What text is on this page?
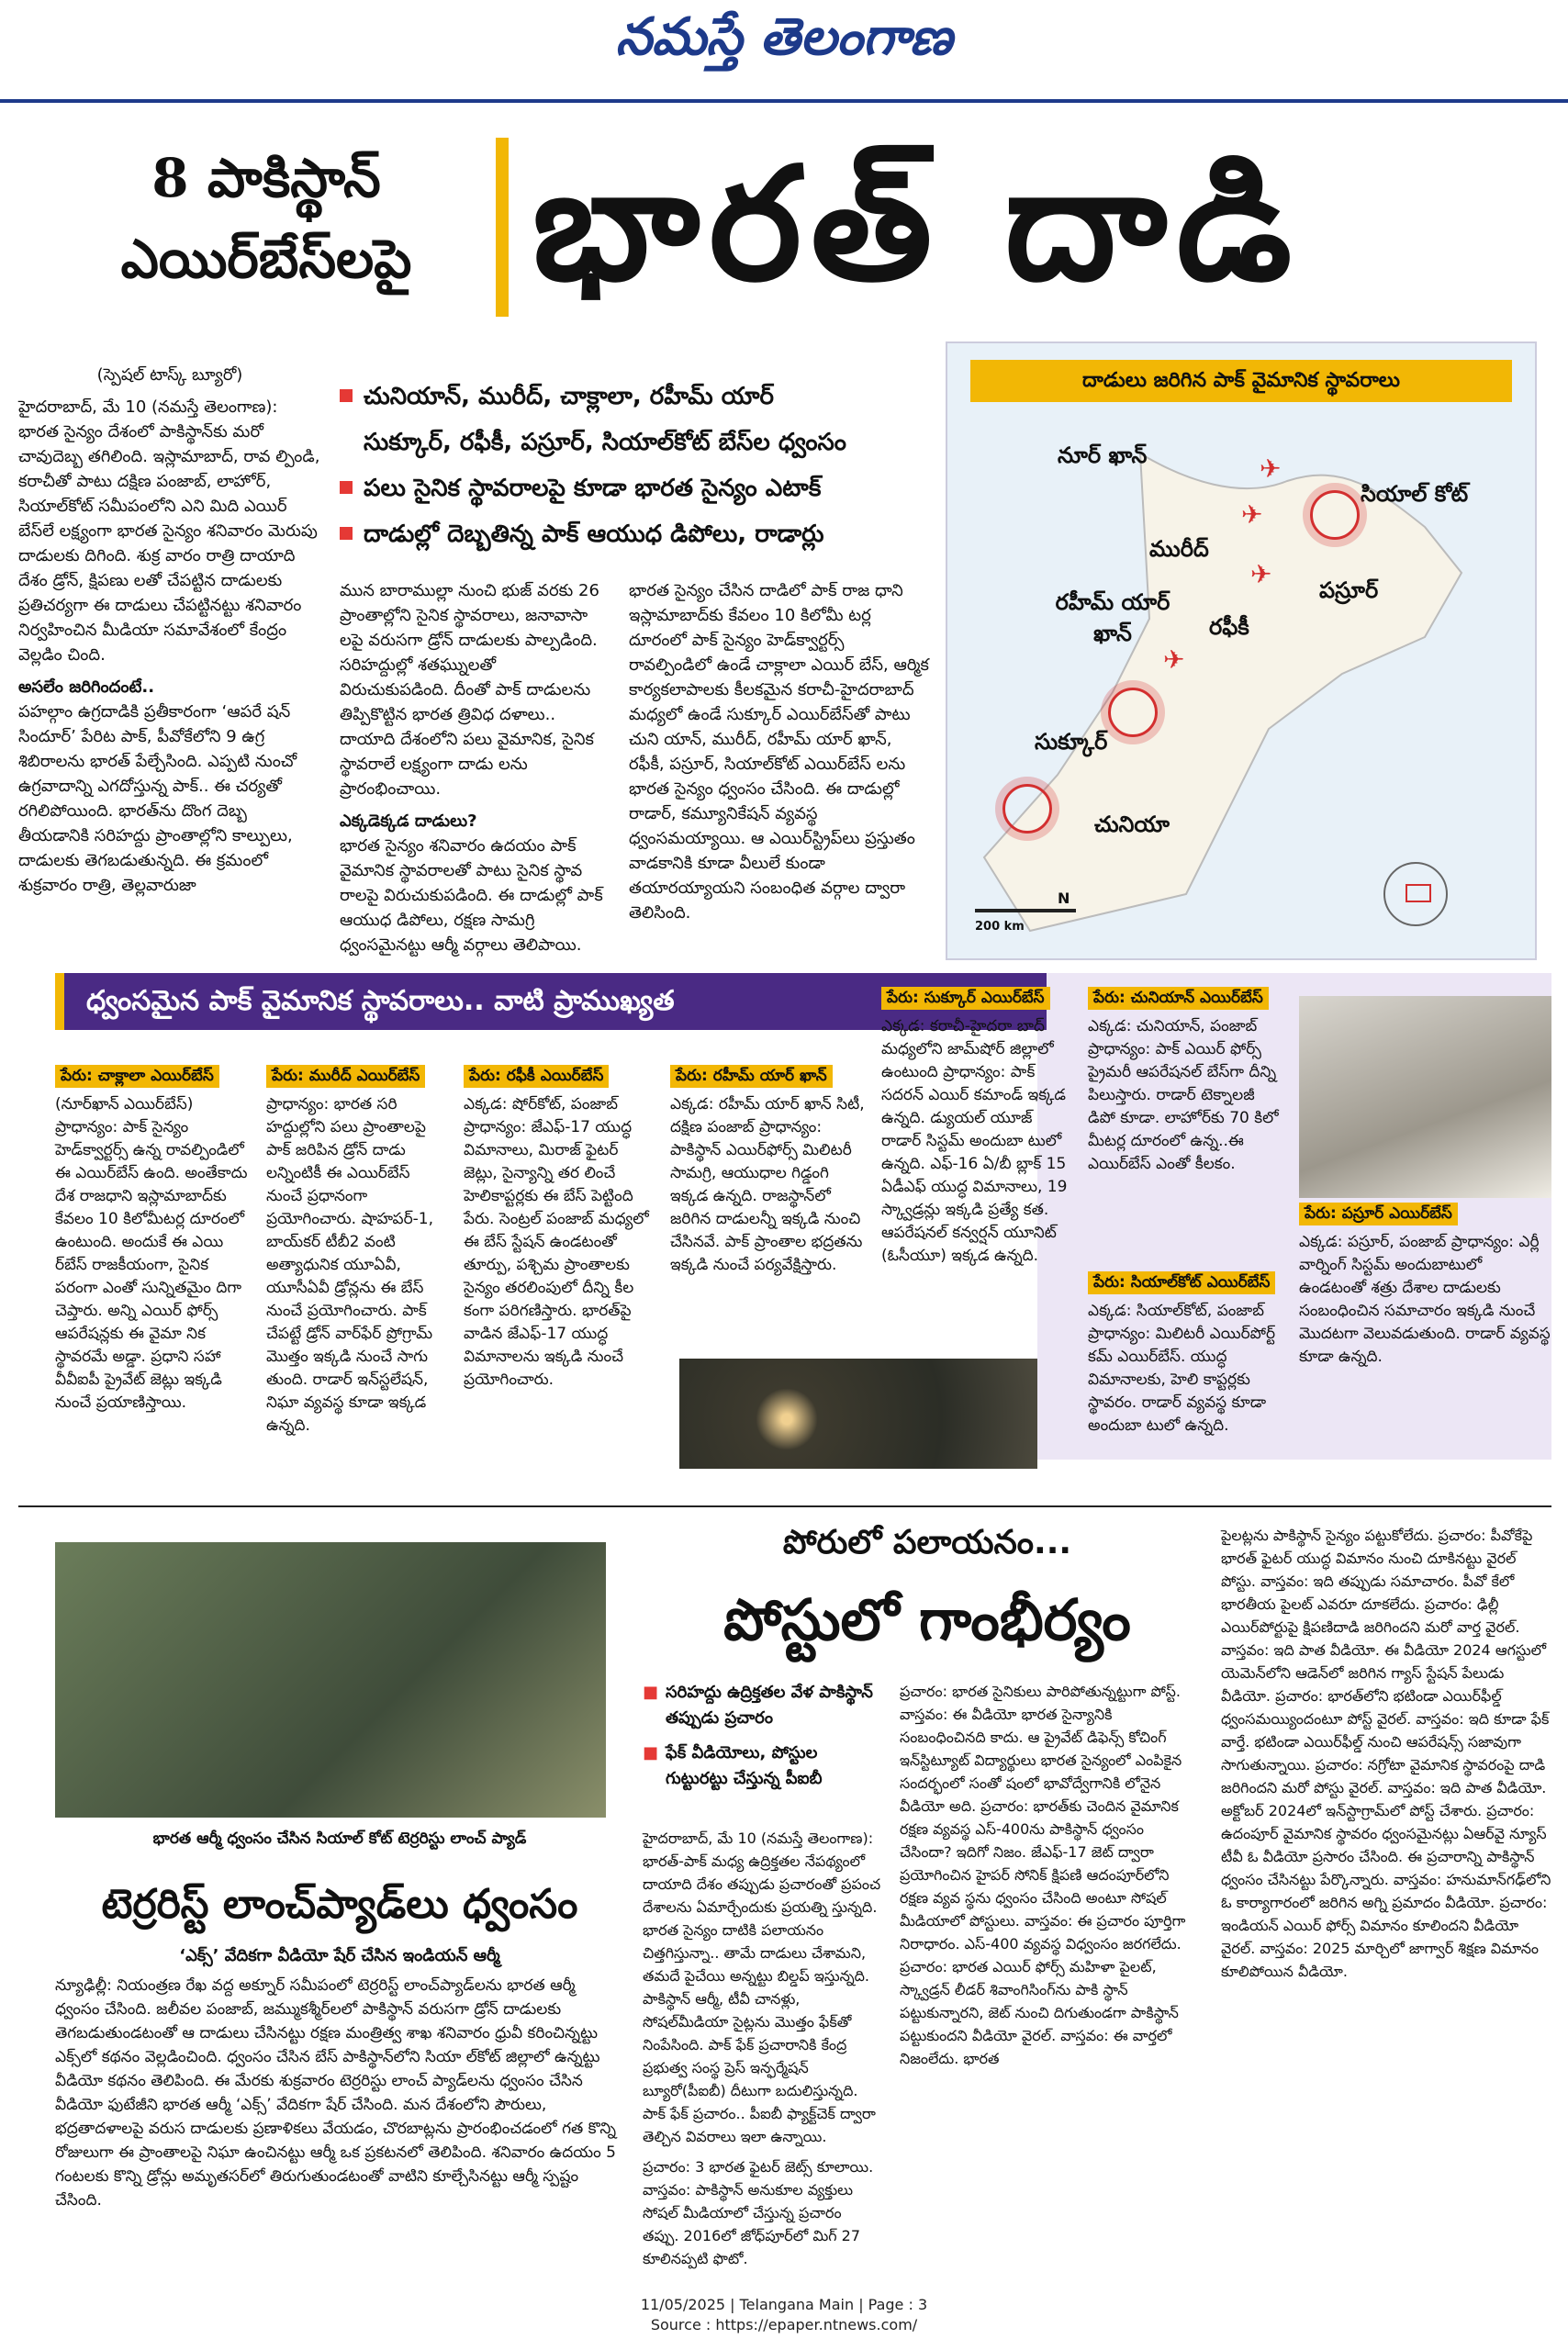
నమస్తే తెలంగాణ
8 పాకిస్థాన్
ఎయిర్‌బేస్‌లపై భారత్ దాడి

(స్పెషల్ టాస్క్ బ్యూరో)

హైదరాబాద్, మే 10 (నమస్తే తెలంగాణ): భారత సైన్యం దేశంలో పాకిస్థాన్‌కు మరో చావుదెబ్బ తగిలింది. ఇస్లామాబాద్, రావ ల్పిండి, కరాచీతో పాటు దక్షిణ పంజాబ్, లాహోర్, సియాల్‌కోట్ సమీపంలోని ఎని మిది ఎయిర్ బేస్‌లే లక్ష్యంగా భారత సైన్యం శనివారం మెరుపు దాడులకు దిగింది. శుక్ర వారం రాత్రి దాయాది దేశం డ్రోన్, క్షిపణు లతో చేపట్టిన దాడులకు ప్రతిచర్యగా ఈ దాడులు చేపట్టినట్టు శనివారం నిర్వహించిన మీడియా సమావేశంలో కేంద్రం వెల్లడిం చింది.

అసలేం జరిగిందంటే..

పహల్గాం ఉగ్రదాడికి ప్రతీకారంగా ‘ఆపరే షన్ సిందూర్’ పేరిట పాక్, పీవోకేలోని 9 ఉగ్ర శిబిరాలను భారత్ పేల్చేసింది. ఎప్పటి నుంచో ఉగ్రవాదాన్ని ఎగదోస్తున్న పాక్.. ఈ చర్యతో రగిలిపోయింది. భారత్‌ను దొంగ దెబ్బ తీయడానికి సరిహద్దు ప్రాంతాల్లోని కాల్పులు, దాడులకు తెగబడుతున్నది. ఈ క్రమంలో శుక్రవారం రాత్రి, తెల్లవారుజా

చునియాన్, మురీద్, చాక్లాలా, రహీమ్ యార్
సుక్కూర్, రఫీకీ, పస్రూర్, సియాల్‌కోట్ బేస్‌ల ధ్వంసం
పలు సైనిక స్థావరాలపై కూడా భారత సైన్యం ఎటాక్
దాడుల్లో దెబ్బతిన్న పాక్ ఆయుధ డిపోలు, రాడార్లు

మున బారాముల్లా నుంచి భుజ్ వరకు 26 ప్రాంతాల్లోని సైనిక స్థావరాలు, జనావాసా లపై వరుసగా డ్రోన్ దాడులకు పాల్పడింది. సరిహద్దుల్లో శతఘ్నులతో విరుచుకుపడింది. దీంతో పాక్ దాడులను తిప్పికొట్టిన భారత త్రివిధ దళాలు.. దాయాది దేశంలోని పలు వైమానిక, సైనిక స్థావరాలే లక్ష్యంగా దాడు లను ప్రారంభించాయి.

ఎక్కడెక్కడ దాడులు?

భారత సైన్యం శనివారం ఉదయం పాక్ వైమానిక స్థావరాలతో పాటు సైనిక స్థావ రాలపై విరుచుకుపడింది. ఈ దాడుల్లో పాక్ ఆయుధ డిపోలు, రక్షణ సామగ్రి ధ్వంసమైనట్టు ఆర్మీ వర్గాలు తెలిపాయి.

భారత సైన్యం చేసిన దాడిలో పాక్ రాజ ధాని ఇస్లామాబాద్‌కు కేవలం 10 కిలోమీ టర్ల దూరంలో పాక్ సైన్యం హెడ్‌క్వార్టర్స్ రావల్పిండిలో ఉండే చాక్లాలా ఎయిర్ బేస్, ఆర్మిక కార్యకలాపాలకు కీలకమైన కరాచీ-హైదరాబాద్ మధ్యలో ఉండే సుక్కూర్ ఎయిర్‌బేస్‌తో పాటు చుని యాన్, మురీద్, రహీమ్ యార్ ఖాన్, రఫీకీ, పస్రూర్, సియాల్‌కోట్ ఎయిర్‌బేస్ లను భారత సైన్యం ధ్వంసం చేసింది. ఈ దాడుల్లో రాడార్, కమ్యూనికేషన్ వ్యవస్థ ధ్వంసమయ్యాయి. ఆ ఎయిర్‌స్ట్రిప్‌లు ప్రస్తుతం వాడకానికి కూడా వీలులే కుండా తయారయ్యాయని సంబంధిత వర్గాల ద్వారా తెలిసింది.

దాడులు జరిగిన పాక్ వైమానిక స్థావరాలు
నూర్ ఖాన్	✈
సియాల్ కోట్
✈
మురీద్
✈
పస్రూర్
రహీమ్ యార్ ఖాన్	రఫీకీ
✈
సుక్కూర్
చునియా
200 km
N
ధ్వంసమైన పాక్ వైమానిక స్థావరాలు.. వాటి ప్రాముఖ్యత
పేరు: చాక్లాలా ఎయిర్‌బేస్
(నూర్‌ఖాన్ ఎయిర్‌బేస్) ప్రాధాన్యం: పాక్ సైన్యం హెడ్‌క్వార్టర్స్ ఉన్న రావల్పిండిలో ఈ ఎయిర్‌బేస్ ఉంది. అంతేకాదు దేశ రాజధాని ఇస్లామాబాద్‌కు కేవలం 10 కిలోమీటర్ల దూరంలో ఉంటుంది. అందుకే ఈ ఎయి ర్‌బేస్ రాజకీయంగా, సైనిక పరంగా ఎంతో సున్నితమైం దిగా చెప్తారు. అన్ని ఎయిర్ ఫోర్స్ ఆపరేషన్లకు ఈ వైమా నిక స్థావరమే అడ్డా. ప్రధాని సహా వీవీఐపీ ప్రైవేట్ జెట్లు ఇక్కడి నుంచే ప్రయాణిస్తాయి.
పేరు: మురీద్ ఎయిర్‌బేస్
ప్రాధాన్యం: భారత సరి హద్దుల్లోని పలు ప్రాంతాలపై పాక్ జరిపిన డ్రోన్ దాడు లన్నింటికీ ఈ ఎయిర్‌బేస్ నుంచే ప్రధానంగా ప్రయోగించారు. షాహపర్-1, బాయ్‌కర్ టీబీ2 వంటి అత్యాధునిక యూఏవీ, యూసీఏవీ డ్రోన్లను ఈ బేస్ నుంచే ప్రయోగించారు. పాక్ చేపట్టే డ్రోన్ వార్‌ఫేర్ ప్రోగ్రామ్ మొత్తం ఇక్కడి నుంచే సాగు తుంది. రాడార్ ఇన్‌స్టలేషన్, నిఘా వ్యవస్థ కూడా ఇక్కడ ఉన్నది.
పేరు: రఫీకీ ఎయిర్‌బేస్
ఎక్కడ: షోర్‌కోట్, పంజాబ్ ప్రాధాన్యం: జేఎఫ్-17 యుద్ధ విమానాలు, మిరాజ్ ఫైటర్ జెట్లు, సైన్యాన్ని తర లించే హెలికాప్టర్లకు ఈ బేస్ పెట్టింది పేరు. సెంట్రల్ పంజాబ్ మధ్యలో ఈ బేస్ స్టేషన్ ఉండటంతో తూర్పు, పశ్చిమ ప్రాంతాలకు సైన్యం తరలింపులో దీన్ని కీల కంగా పరిగణిస్తారు. భారత్‌పై వాడిన జేఎఫ్-17 యుద్ధ విమానాలను ఇక్కడి నుంచే ప్రయోగించారు.
పేరు: రహీమ్ యార్ ఖాన్
ఎక్కడ: రహీమ్ యార్ ఖాన్ సిటీ, దక్షిణ పంజాబ్ ప్రాధాన్యం: పాకిస్థాన్ ఎయిర్‌ఫోర్స్ మిలిటరీ సామగ్రి, ఆయుధాల గిడ్డంగి ఇక్కడ ఉన్నది. రాజస్థాన్‌లో జరిగిన దాడులన్నీ ఇక్కడి నుంచి చేసినవే. పాక్ ప్రాంతాల భద్రతను ఇక్కడి నుంచే పర్యవేక్షిస్తారు.
పేరు: సుక్కూర్ ఎయిర్‌బేస్
ఎక్కడ: కరాచీ-హైదరా బాద్ మధ్యలోని జామ్‌షోర్ జిల్లాలో ఉంటుంది ప్రాధాన్యం: పాక్ సదరన్ ఎయిర్ కమాండ్ ఇక్కడ ఉన్నది. డ్యుయల్ యూజ్ రాడార్ సిస్టమ్ అందుబా టులో ఉన్నది. ఎఫ్-16 ఏ/బీ బ్లాక్ 15 ఏడీఎఫ్ యుద్ధ విమానాలు, 19 స్క్వాడ్రన్లు ఇక్కడి ప్రత్యే కత. ఆపరేషనల్ కన్వర్షన్ యూనిట్ (ఓసీయూ) ఇక్కడ ఉన్నది.
పేరు: చునియాన్ ఎయిర్‌బేస్
ఎక్కడ: చునియాన్, పంజాబ్ ప్రాధాన్యం: పాక్ ఎయిర్ ఫోర్స్ ప్రైమరీ ఆపరేషనల్ బేస్‌గా దీన్ని పిలుస్తారు. రాడార్ టెక్నాలజీ డిపో కూడా. లాహోర్‌కు 70 కిలో మీటర్ల దూరంలో ఉన్న..ఈ ఎయిర్‌బేస్ ఎంతో కీలకం.
పేరు: సియాల్‌కోట్ ఎయిర్‌బేస్
ఎక్కడ: సియాల్‌కోట్, పంజాబ్ ప్రాధాన్యం: మిలిటరీ ఎయిర్‌పోర్ట్ కమ్ ఎయిర్‌బేస్. యుద్ధ విమానాలకు, హెలి కాప్టర్లకు స్థావరం. రాడార్ వ్యవస్థ కూడా అందుబా టులో ఉన్నది.
పేరు: పస్రూర్ ఎయిర్‌బేస్
ఎక్కడ: పస్రూర్, పంజాబ్ ప్రాధాన్యం: ఎర్లీ వార్నింగ్ సిస్టమ్ అందుబాటులో ఉండటంతో శత్రు దేశాల దాడులకు సంబంధించిన సమాచారం ఇక్కడి నుంచే మొదటగా వెలువడుతుంది. రాడార్ వ్యవస్థ కూడా ఉన్నది.
భారత ఆర్మీ ధ్వంసం చేసిన సియాల్ కోట్ టెర్రరిస్టు లాంచ్ ప్యాడ్
టెర్రరిస్ట్ లాంచ్‌ప్యాడ్‌లు ధ్వంసం
‘ఎక్స్’ వేదికగా వీడియో షేర్ చేసిన ఇండియన్ ఆర్మీ
న్యూఢిల్లీ: నియంత్రణ రేఖ వద్ద అక్నూర్ సమీపంలో టెర్రరిస్ట్ లాంచ్‌ప్యాడ్‌లను భారత ఆర్మీ ధ్వంసం చేసింది. జలీవల పంజాబ్, జమ్ముకశ్మీర్‌లలో పాకిస్థాన్ వరుసగా డ్రోన్ దాడులకు తెగబడుతుండటంతో ఆ దాడులు చేసినట్టు రక్షణ మంత్రిత్వ శాఖ శనివారం ధ్రువీ కరించిన్నట్టు ఎక్స్‌లో కథనం వెల్లడించింది. ధ్వంసం చేసిన బేస్ పాకిస్థాన్‌లోని సియా ల్‌కోట్ జిల్లాలో ఉన్నట్టు వీడియో కథనం తెలిపింది. ఈ మేరకు శుక్రవారం టెర్రరిస్టు లాంచ్ ప్యాడ్‌లను ధ్వంసం చేసిన వీడియో ఫుటేజీని భారత ఆర్మీ ‘ఎక్స్’ వేదికగా షేర్ చేసింది. మన దేశంలోని పౌరులు, భద్రతాదళాలపై వరుస దాడులకు ప్రణాళికలు వేయడం, చొరబాట్లను ప్రారంభించడంలో గత కొన్ని రోజులుగా ఈ ప్రాంతాలపై నిఘా ఉంచినట్టు ఆర్మీ ఒక ప్రకటనలో తెలిపింది. శనివారం ఉదయం 5 గంటలకు కొన్ని డ్రోన్లు అమృతసర్‌లో తిరుగుతుండటంతో వాటిని కూల్చేసినట్టు ఆర్మీ స్పష్టం చేసింది.
పోరులో పలాయనం...
పోస్టులో గాంభీర్యం
■ సరిహద్దు ఉద్రిక్తతల వేళ పాకిస్థాన్ తప్పుడు ప్రచారం
■ ఫేక్ వీడియోలు, పోస్టుల గుట్టురట్టు చేస్తున్న పీఐబీ

హైదరాబాద్, మే 10 (నమస్తే తెలంగాణ): భారత్-పాక్ మధ్య ఉద్రిక్తతల నేపథ్యంలో దాయాది దేశం తప్పుడు ప్రచారంతో ప్రపంచ దేశాలను ఏమార్చేందుకు ప్రయత్ని స్తున్నది. భారత సైన్యం దాటికి పలాయనం చిత్తగిస్తున్నా.. తామే దాడులు చేశామని, తమదే పైచేయి అన్నట్టు బిల్డప్ ఇస్తున్నది. పాకిస్థాన్ ఆర్మీ, టీవీ చానళ్లు, సోషల్‌మీడియా సైట్లను మొత్తం ఫేక్‌తో నింపేసింది. పాక్ ఫేక్ ప్రచారానికి కేంద్ర ప్రభుత్వ సంస్థ ప్రెస్ ఇన్ఫర్మేషన్ బ్యూరో(పీఐబీ) దీటుగా బదులిస్తున్నది. పాక్ ఫేక్ ప్రచారం.. పీఐబీ ఫ్యాక్ట్‌చెక్ ద్వారా తెల్చిన వివరాలు ఇలా ఉన్నాయి.

ప్రచారం: 3 భారత ఫైటర్ జెట్స్ కూలాయి. వాస్తవం: పాకిస్థాన్ అనుకూల వ్యక్తులు సోషల్ మీడియాలో చేస్తున్న ప్రచారం తప్పు. 2016లో జోధ్‌పూర్‌లో మిగ్ 27 కూలినప్పటి ఫొటో.

ప్రచారం: భారత సైనికులు పారిపోతున్నట్టుగా పోస్ట్. వాస్తవం: ఈ వీడియో భారత సైన్యానికి సంబంధించినది కాదు. ఆ ప్రైవేట్ డిఫెన్స్ కోచింగ్ ఇన్‌స్టిట్యూట్ విద్యార్థులు భారత సైన్యంలో ఎంపికైన సందర్భంలో సంతో షంలో భావోద్వేగానికి లోనైన వీడియో అది. ప్రచారం: భారత్‌కు చెందిన వైమానిక రక్షణ వ్యవస్థ ఎస్-400ను పాకిస్థాన్ ధ్వంసం చేసిందా? ఇదిగో నిజం. జేఎఫ్-17 జెట్ ద్వారా ప్రయోగించిన హైపర్ సోనిక్ క్షిపణి ఆదంపూర్‌లోని రక్షణ వ్యవ స్థను ధ్వంసం చేసింది అంటూ సోషల్ మీడియాలో పోస్టులు. వాస్తవం: ఈ ప్రచారం పూర్తిగా నిరాధారం. ఎస్-400 వ్యవస్థ విధ్వంసం జరగలేదు. ప్రచారం: భారత ఎయిర్ ఫోర్స్ మహిళా పైలట్, స్క్వాడ్రన్ లీడర్ శివాంగిసింగ్‌ను పాకి స్థాన్ పట్టుకున్నారని, జెట్ నుంచి దిగుతుండగా పాకిస్థాన్ పట్టుకుందని వీడియో వైరల్. వాస్తవం: ఈ వార్తలో నిజంలేదు. భారత
పైలట్లను పాకిస్థాన్ సైన్యం పట్టుకోలేదు. ప్రచారం: పీవోకేపై భారత్ ఫైటర్ యుద్ధ విమానం నుంచి దూకినట్టు వైరల్ పోస్టు. వాస్తవం: ఇది తప్పుడు సమాచారం. పీవో కేలో భారతీయ పైలట్ ఎవరూ దూకలేదు. ప్రచారం: ఢిల్లీ ఎయిర్‌పోర్టుపై క్షిపణిదాడి జరిగిందని మరో వార్త వైరల్. వాస్తవం: ఇది పాత వీడియో. ఈ వీడియో 2024 ఆగస్టులో యెమెన్‌లోని ఆడెన్‌లో జరిగిన గ్యాస్ స్టేషన్ పేలుడు వీడియో. ప్రచారం: భారత్‌లోని భటిండా ఎయిర్‌ఫీల్డ్ ధ్వంసమయ్యిందంటూ పోస్ట్ వైరల్. వాస్తవం: ఇది కూడా ఫేక్ వార్తే. భటిండా ఎయిర్‌ఫీల్డ్ నుంచి ఆపరేషన్స్ సజావుగా సాగుతున్నాయి. ప్రచారం: నగ్రోటా వైమానిక స్థావరంపై దాడి జరిగిందని మరో పోస్టు వైరల్. వాస్తవం: ఇది పాత వీడియో. అక్టోబర్ 2024లో ఇన్‌స్టాగ్రామ్‌లో పోస్ట్ చేశారు. ప్రచారం: ఉదంపూర్ వైమానిక స్థావరం ధ్వంసమైనట్లు ఏఆర్‌వై న్యూస్ టీవీ ఓ వీడియో ప్రసారం చేసింది. ఈ ప్రచారాన్ని పాకిస్థాన్ ధ్వంసం చేసినట్టు పేర్కొన్నారు. వాస్తవం: హనుమాన్‌గఢ్‌లోని ఓ కార్యాగారంలో జరిగిన అగ్ని ప్రమాదం వీడియో. ప్రచారం: ఇండియన్ ఎయిర్ ఫోర్స్ విమానం కూలిందని వీడియో వైరల్. వాస్తవం: 2025 మార్చిలో జాగ్వార్ శిక్షణ విమానం కూలిపోయిన వీడియో.
11/05/2025 | Telangana Main | Page : 3
Source : https://epaper.ntnews.com/
